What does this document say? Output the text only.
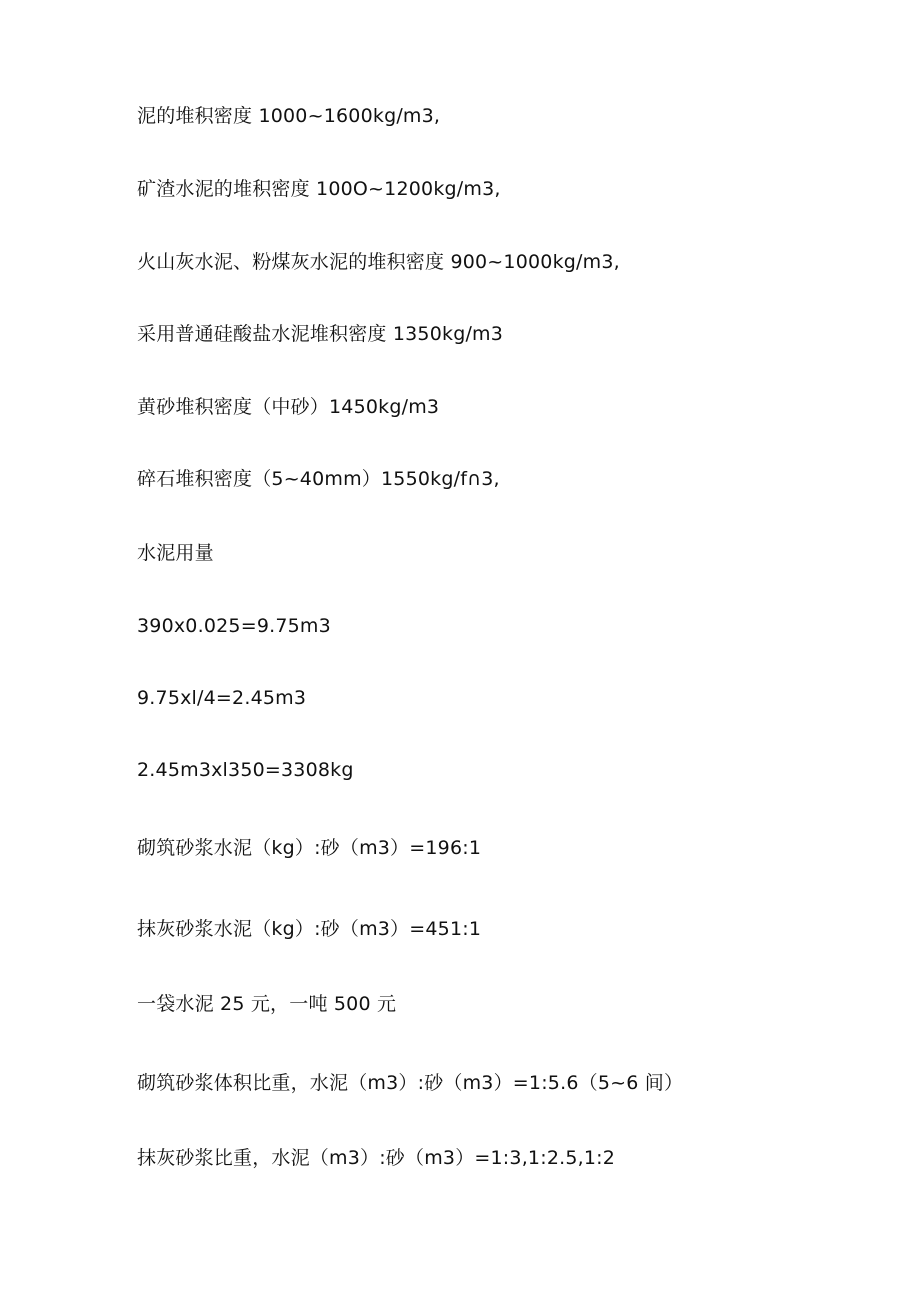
泥的堆积密度 1000~1600kg∕m3,
矿渣水泥的堆积密度 100O~1200kg∕m3,
火山灰水泥、粉煤灰水泥的堆积密度 900~1000kg∕m3,
采用普通硅酸盐水泥堆积密度 1350kg∕m3
黄砂堆积密度（中砂）1450kg∕m3
碎石堆积密度（5~40mm）1550kg∕f∩3,
水泥用量
390x0.025=9.75m3
9.75xl∕4=2.45m3
2.45m3xl350=3308kg
砌筑砂浆水泥（kg）:砂（m3）=196:1
抹灰砂浆水泥（kg）:砂（m3）=451:1
一袋水泥 25 元，一吨 500 元
砌筑砂浆体积比重，水泥（m3）:砂（m3）=1:5.6（5~6 间）
抹灰砂浆比重，水泥（m3）:砂（m3）=1:3,1:2.5,1:2
